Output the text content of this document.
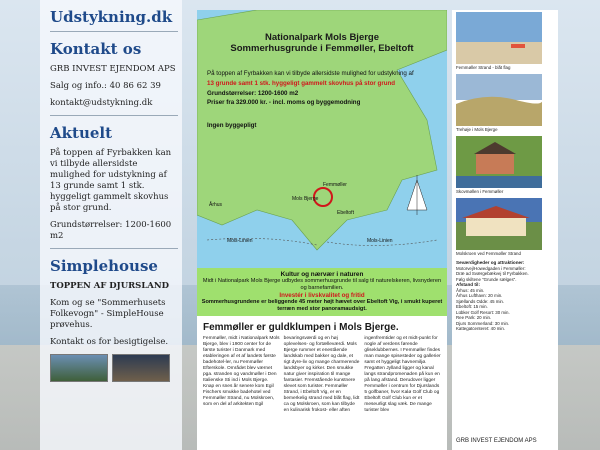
Udstykning.dk
Kontakt os

GRB INVEST EJENDOM APS

Salg og info.: 40 86 62 39

kontakt@udstykning.dk

Aktuelt

På toppen af Fyrbakken kan vi tilbyde allersidste mulighed for udstykning af 13 grunde samt 1 stk. hyggeligt gammelt skovhus på stor grund.

Grundstørrelser: 1200-1600 m2

Simplehouse

TOPPEN AF DJURSLAND

Kom og se "Sommerhusets Folkevogn" - SimpleHouse prøvehus.

Kontakt os for besigtigelse.

Nationalpark Mols Bjerge
Sommerhusgrunde i Femmøller, Ebeltoft
På toppen af Fyrbakken kan vi tilbyde allersidste mulighed for udstykning af
13 grunde samt 1 stk. hyggeligt gammelt skovhus på stor grund
Grundstørrelser: 1200-1600 m2
Priser fra 329.000 kr. - incl. moms og byggemodning
Ingen byggepligt
Femmøller
Mols Bjerge
Århus
Ebeltoft
Mols-Linien	Mols-Linien
Kultur og nærvær i naturen
Midt i Nationalpark Mols Bjerge udbydes sommerhusgrunde til salg til naturelskeren, livsnyderen og barnefamilien.
Investér i livskvalitet og fritid
Sommerhusgrundene er beliggende 45 meter højt hævet over Ebeltoft Vig, i smukt kuperet terræn med stor panoramaudsigt.
Femmøller er guldklumpen i Mols Bjerge.
Femmøller, midt i Nationalpark Mols Bjerge, blev i 1900 center for de første turister i Danmark med etableringen af et af landets første badehotel-ler, nu Femmøller Efterskole. Området blev værnet pga. stranden og vandmøller i Den Italienske Sti ind i Mols Bjerge. Knap en snes år senere kom Egil Fischers smukke badehotel ved Femmøller Strand, nu Molskroen, som en del af arkitekten Egil
bevaringsværdi og en høj oplevelses- og fortælleværdi. Mols Bjerge rummer et enestående landskab med bakker og dale, et rigt dyre-liv og mange charmerende landsbyer og kirker. Den smukke natur giver inspiration til mange fantasier. Fremstående kunstnere slevet som turister. Femmøller Strand, i Ebeltoft Vig, er en bemerkelig strand med blåt flag, lidt ca og Molskroen, som kan tilbyde en kulinarisk frokost- eller aften
ingenfremtider og et midt-punkt for nogle af verdens førende gliseklubbernes. I Femmøller findes man mange spisesteder og gallerier samt et hyggeligt havnemiljø. Fregatten Jylland ligger og kanal langs strandpromenaden på kun en på lang afstand. Derudover ligger Femmøller i centrum for Djurslands 5 golfbaner, hvor Kalø Golf Club og Ebeltoft Golf Club kun er et meseurligt slag væk. De mange turister blev
Femmøller Strand - blåt flag
Trehøje i Mols Bjerge
Skovmøllen i Femmøller
Molskroen ved Femmøller Strand
Seværdigheder og attraktioner:
Motorvej/Howedgaden i Femmøller:
Dræ ad Sværgebækvej til Fyrbakken.
Følg skiltene "Grunde sælges".
Afstand til:
Århus: 45 min.
Århus Lufthavn: 20 min.
Sjællands Odde: 45 min.
Ebeltoft: 15 min.
Lübker Golf Resort: 30 min.
Ree Park: 20 min.
Djurs Sommerland: 30 min.
Kattegatcenteret: 40 min.
GRB INVEST EJENDOM APS
